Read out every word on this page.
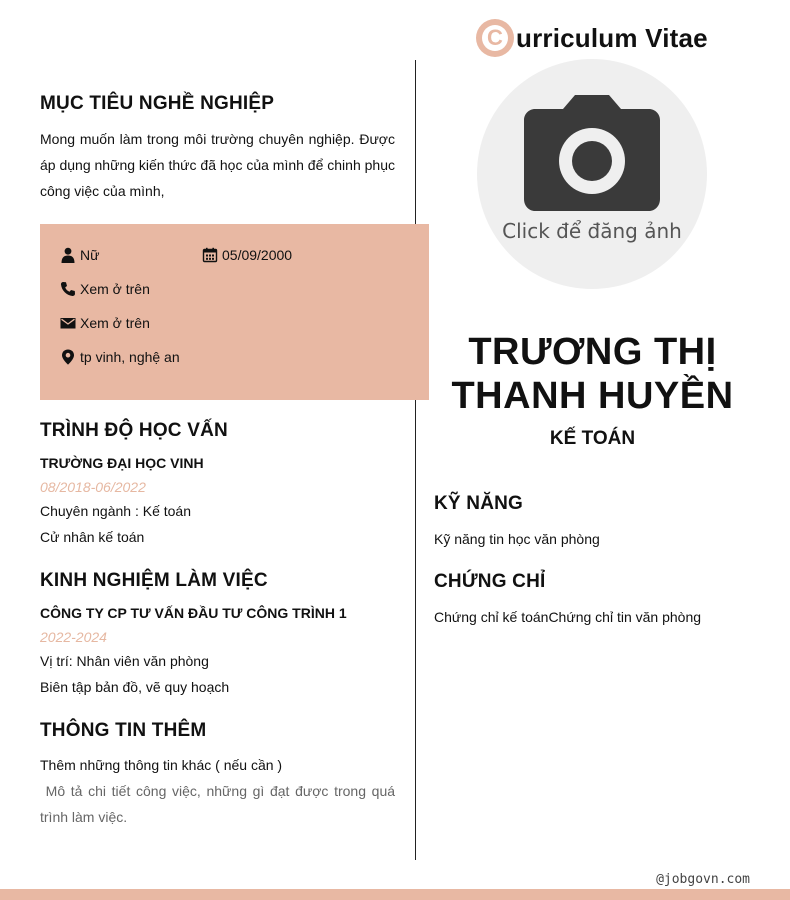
C urriculum Vitae
MỤC TIÊU NGHỀ NGHIỆP
Mong muốn làm trong môi trường chuyên nghiệp. Được áp dụng những kiến thức đã học của mình để chinh phục công việc của mình,
Nữ	05/09/2000
Xem ở trên
Xem ở trên
tp vinh, nghệ an
TRÌNH ĐỘ HỌC VẤN
TRƯỜNG ĐẠI HỌC VINH
08/2018-06/2022
Chuyên ngành : Kế toán
Cử nhân kế toán
KINH NGHIỆM LÀM VIỆC
CÔNG TY CP TƯ VẤN ĐẦU TƯ CÔNG TRÌNH 1
2022-2024
Vị trí: Nhân viên văn phòng
Biên tập bản đồ, vẽ quy hoạch
THÔNG TIN THÊM
Thêm những thông tin khác ( nếu cần )
Mô tả chi tiết công việc, những gì đạt được trong quá trình làm việc.
Click để đăng ảnh
TRƯƠNG THỊ
THANH HUYỀN
KẾ TOÁN
KỸ NĂNG
Kỹ năng tin học văn phòng
CHỨNG CHỈ
Chứng chỉ kế toánChứng chỉ tin văn phòng
@jobgovn.com
